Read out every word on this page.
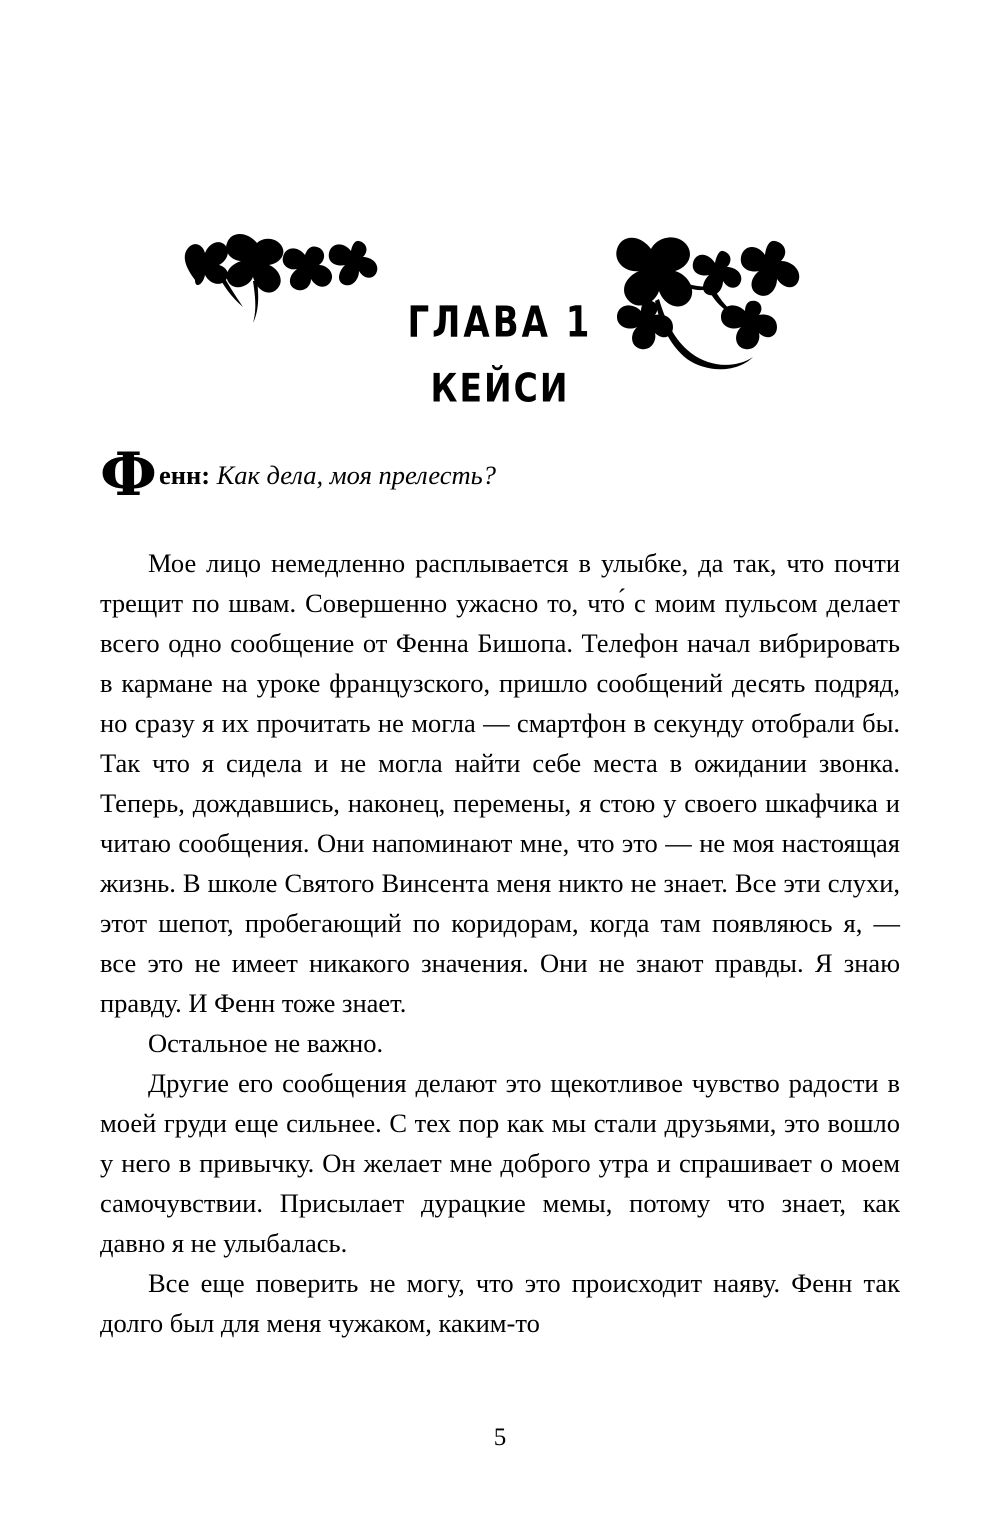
ГЛАВА 1
КЕЙСИ

Фенн: Как дела, моя прелесть?

Мое лицо немедленно расплывается в улыбке, да так, что почти трещит по швам. Совершенно ужасно то, что́ с моим пульсом делает всего одно сообщение от Фенна Бишопа. Телефон начал вибрировать в кармане на уроке французского, пришло сообщений десять подряд, но сразу я их прочитать не могла — смартфон в секунду отобрали бы. Так что я сидела и не могла найти себе места в ожидании звонка. Теперь, дождавшись, наконец, перемены, я стою у своего шкафчика и читаю сообщения. Они напоминают мне, что это — не моя настоящая жизнь. В школе Святого Винсента меня никто не знает. Все эти слухи, этот шепот, пробегающий по коридорам, когда там появляюсь я, — все это не имеет никакого значения. Они не знают правды. Я знаю правду. И Фенн тоже знает.

Остальное не важно.

Другие его сообщения делают это щекотливое чувство радости в моей груди еще сильнее. С тех пор как мы стали друзьями, это вошло у него в привычку. Он желает мне доброго утра и спрашивает о моем самочувствии. Присылает дурацкие мемы, потому что знает, как давно я не улыбалась.

Все еще поверить не могу, что это происходит наяву. Фенн так долго был для меня чужаком, каким-то

5
